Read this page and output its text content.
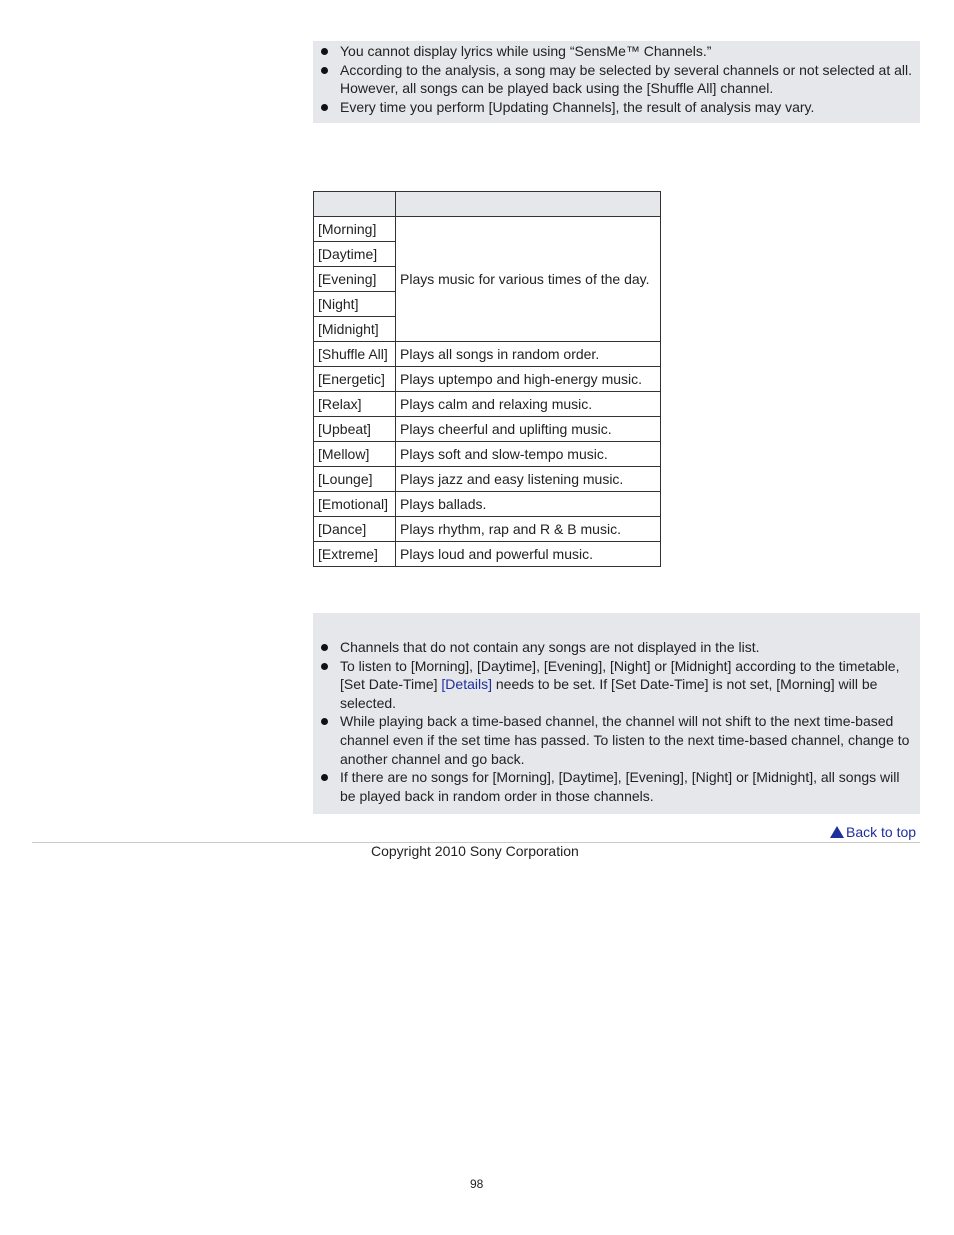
You cannot display lyrics while using “SensMe™ Channels.”
According to the analysis, a song may be selected by several channels or not selected at all. However, all songs can be played back using the [Shuffle All] channel.
Every time you perform [Updating Channels], the result of analysis may vary.

[Morning]	Plays music for various times of the day.
[Daytime]	
[Evening]	
[Night]	
[Midnight]	
[Shuffle All]	Plays all songs in random order.
[Energetic]	Plays uptempo and high-energy music.
[Relax]	Plays calm and relaxing music.
[Upbeat]	Plays cheerful and uplifting music.
[Mellow]	Plays soft and slow-tempo music.
[Lounge]	Plays jazz and easy listening music.
[Emotional]	Plays ballads.
[Dance]	Plays rhythm, rap and R & B music.
[Extreme]	Plays loud and powerful music.
Channels that do not contain any songs are not displayed in the list.
To listen to [Morning], [Daytime], [Evening], [Night] or [Midnight] according to the timetable, [Set Date-Time] [Details] needs to be set. If [Set Date-Time] is not set, [Morning] will be selected.
While playing back a time-based channel, the channel will not shift to the next time-based channel even if the set time has passed. To listen to the next time-based channel, change to another channel and go back.
If there are no songs for [Morning], [Daytime], [Evening], [Night] or [Midnight], all songs will be played back in random order in those channels.
Back to top
Copyright 2010 Sony Corporation
98
